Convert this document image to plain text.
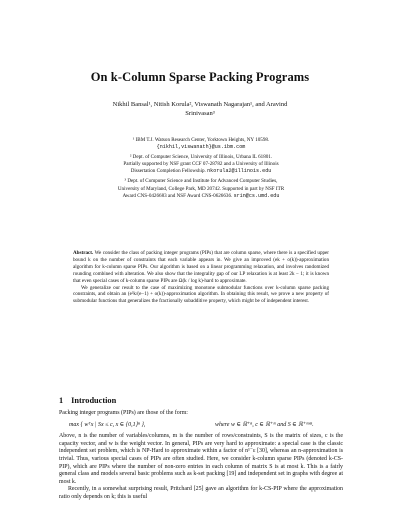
On k-Column Sparse Packing Programs
Nikhil Bansal¹, Nitish Korula², Viswanath Nagarajan¹, and Aravind
Srinivasan³
¹ IBM T.J. Watson Research Center, Yorktown Heights, NY 10598.
{nikhil,viswanath}@us.ibm.com
² Dept. of Computer Science, University of Illinois, Urbana IL 61801.
Partially supported by NSF grant CCF 07-28782 and a University of Illinois
Dissertation Completion Fellowship. nkorula2@illinois.edu
³ Dept. of Computer Science and Institute for Advanced Computer Studies,
University of Maryland, College Park, MD 20742. Supported in part by NSF ITR
Award CNS-0426683 and NSF Award CNS-0626636. srin@cs.umd.edu

Abstract. We consider the class of packing integer programs (PIPs) that are column sparse, where there is a specified upper bound k on the number of constraints that each variable appears in. We give an improved (ek + o(k))-approximation algorithm for k-column sparse PIPs. Our algorithm is based on a linear programming relaxation, and involves randomized rounding combined with alteration. We also show that the integrality gap of our LP relaxation is at least 2k − 1; it is known that even special cases of k-column sparse PIPs are Ω(k / log k)-hard to approximate.

We generalize our result to the case of maximizing monotone submodular functions over k-column sparse packing constraints, and obtain an (e²k/(e−1) + o(k))-approximation algorithm. In obtaining this result, we prove a new property of submodular functions that generalizes the fractionally subadditive property, which might be of independent interest.

1 Introduction

Packing integer programs (PIPs) are those of the form:

max { wᵀx | Sx ≤ c, x ∈ {0,1}ⁿ },	where w ∈ ℝ⁺ⁿ, c ∈ ℝ⁺ᵐ and S ∈ ℝ⁺ᵐˣⁿ.

Above, n is the number of variables/columns, m is the number of rows/constraints, S is the matrix of sizes, c is the capacity vector, and w is the weight vector. In general, PIPs are very hard to approximate: a special case is the classic independent set problem, which is NP-Hard to approximate within a factor of n¹⁻ε [30], whereas an n-approximation is trivial. Thus, various special cases of PIPs are often studied. Here, we consider k-column sparse PIPs (denoted k-CS-PIP), which are PIPs where the number of non-zero entries in each column of matrix S is at most k. This is a fairly general class and models several basic problems such as k-set packing [19] and independent set in graphs with degree at most k.

Recently, in a somewhat surprising result, Pritchard [25] gave an algorithm for k-CS-PIP where the approximation ratio only depends on k; this is useful
